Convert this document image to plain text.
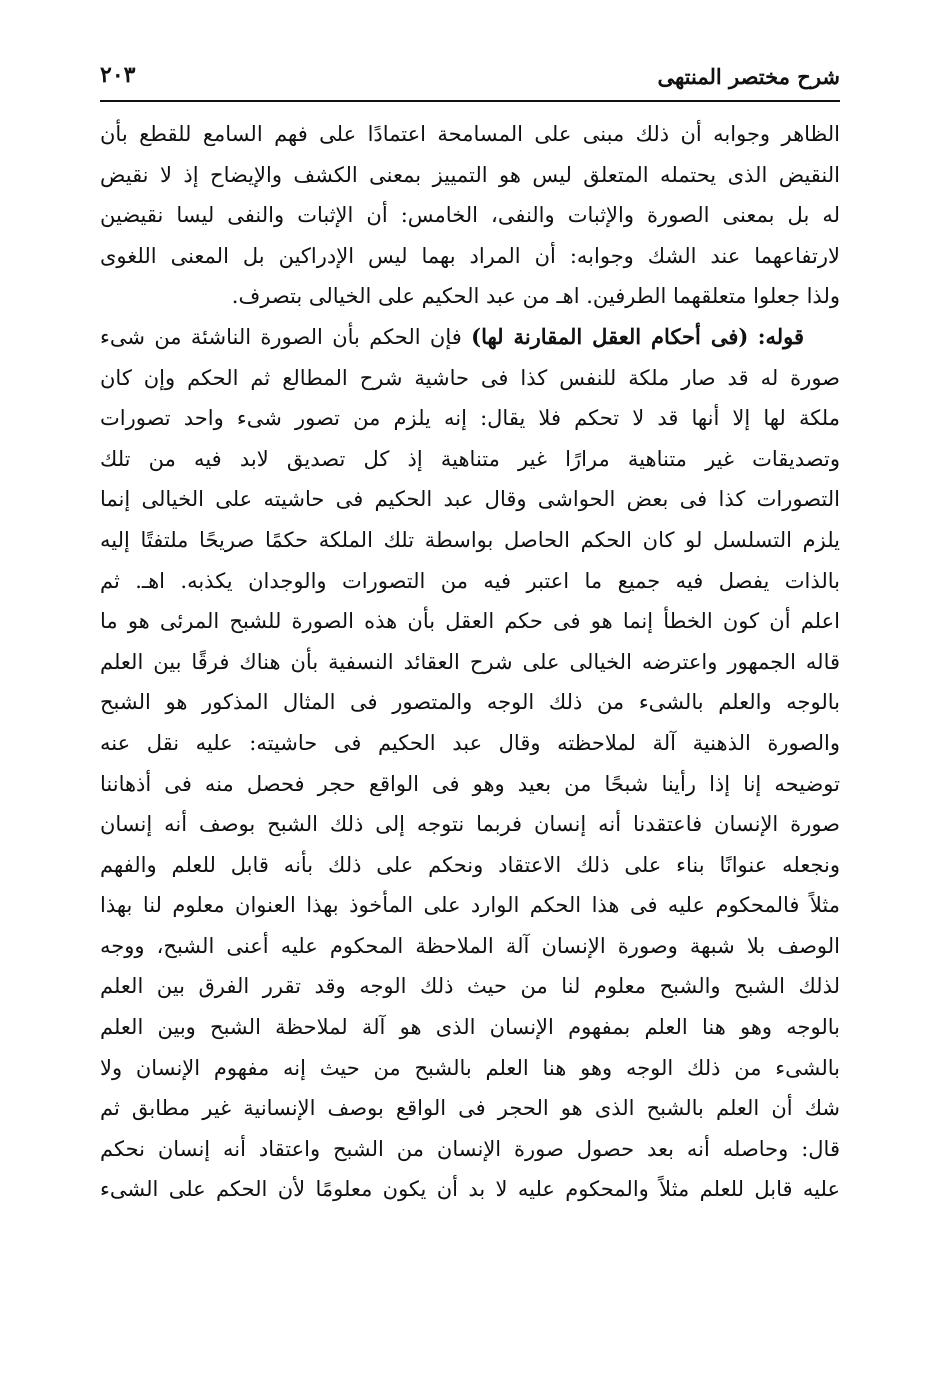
شرح مختصر المنتهى
٢٠٣
الظاهر وجوابه أن ذلك مبنى على المسامحة اعتمادًا على فهم السامع للقطع بأن
النقيض الذى يحتمله المتعلق ليس هو التمييز بمعنى الكشف والإيضاح إذ لا نقيض
له بل بمعنى الصورة والإثبات والنفى، الخامس: أن الإثبات والنفى ليسا نقيضين
لارتفاعهما عند الشك وجوابه: أن المراد بهما ليس الإدراكين بل المعنى اللغوى
ولذا جعلوا متعلقهما الطرفين. اهـ من عبد الحكيم على الخيالى بتصرف.
قوله: (فى أحكام العقل المقارنة لها) فإن الحكم بأن الصورة الناشئة من شىء
صورة له قد صار ملكة للنفس كذا فى حاشية شرح المطالع ثم الحكم وإن كان
ملكة لها إلا أنها قد لا تحكم فلا يقال: إنه يلزم من تصور شىء واحد تصورات
وتصديقات غير متناهية مرارًا غير متناهية إذ كل تصديق لابد فيه من تلك
التصورات كذا فى بعض الحواشى وقال عبد الحكيم فى حاشيته على الخيالى إنما
يلزم التسلسل لو كان الحكم الحاصل بواسطة تلك الملكة حكمًا صريحًا ملتفتًا إليه
بالذات يفصل فيه جميع ما اعتبر فيه من التصورات والوجدان يكذبه. اهـ. ثم
اعلم أن كون الخطأ إنما هو فى حكم العقل بأن هذه الصورة للشبح المرئى هو ما
قاله الجمهور واعترضه الخيالى على شرح العقائد النسفية بأن هناك فرقًا بين العلم
بالوجه والعلم بالشىء من ذلك الوجه والمتصور فى المثال المذكور هو الشبح
والصورة الذهنية آلة لملاحظته وقال عبد الحكيم فى حاشيته: عليه نقل عنه
توضيحه إنا إذا رأينا شبحًا من بعيد وهو فى الواقع حجر فحصل منه فى أذهاننا
صورة الإنسان فاعتقدنا أنه إنسان فربما نتوجه إلى ذلك الشبح بوصف أنه إنسان
ونجعله عنوانًا بناء على ذلك الاعتقاد ونحكم على ذلك بأنه قابل للعلم والفهم
مثلاً فالمحكوم عليه فى هذا الحكم الوارد على المأخوذ بهذا العنوان معلوم لنا بهذا
الوصف بلا شبهة وصورة الإنسان آلة الملاحظة المحكوم عليه أعنى الشبح، ووجه
لذلك الشبح والشبح معلوم لنا من حيث ذلك الوجه وقد تقرر الفرق بين العلم
بالوجه وهو هنا العلم بمفهوم الإنسان الذى هو آلة لملاحظة الشبح وبين العلم
بالشىء من ذلك الوجه وهو هنا العلم بالشبح من حيث إنه مفهوم الإنسان ولا
شك أن العلم بالشبح الذى هو الحجر فى الواقع بوصف الإنسانية غير مطابق ثم
قال: وحاصله أنه بعد حصول صورة الإنسان من الشبح واعتقاد أنه إنسان نحكم
عليه قابل للعلم مثلاً والمحكوم عليه لا بد أن يكون معلومًا لأن الحكم على الشىء
